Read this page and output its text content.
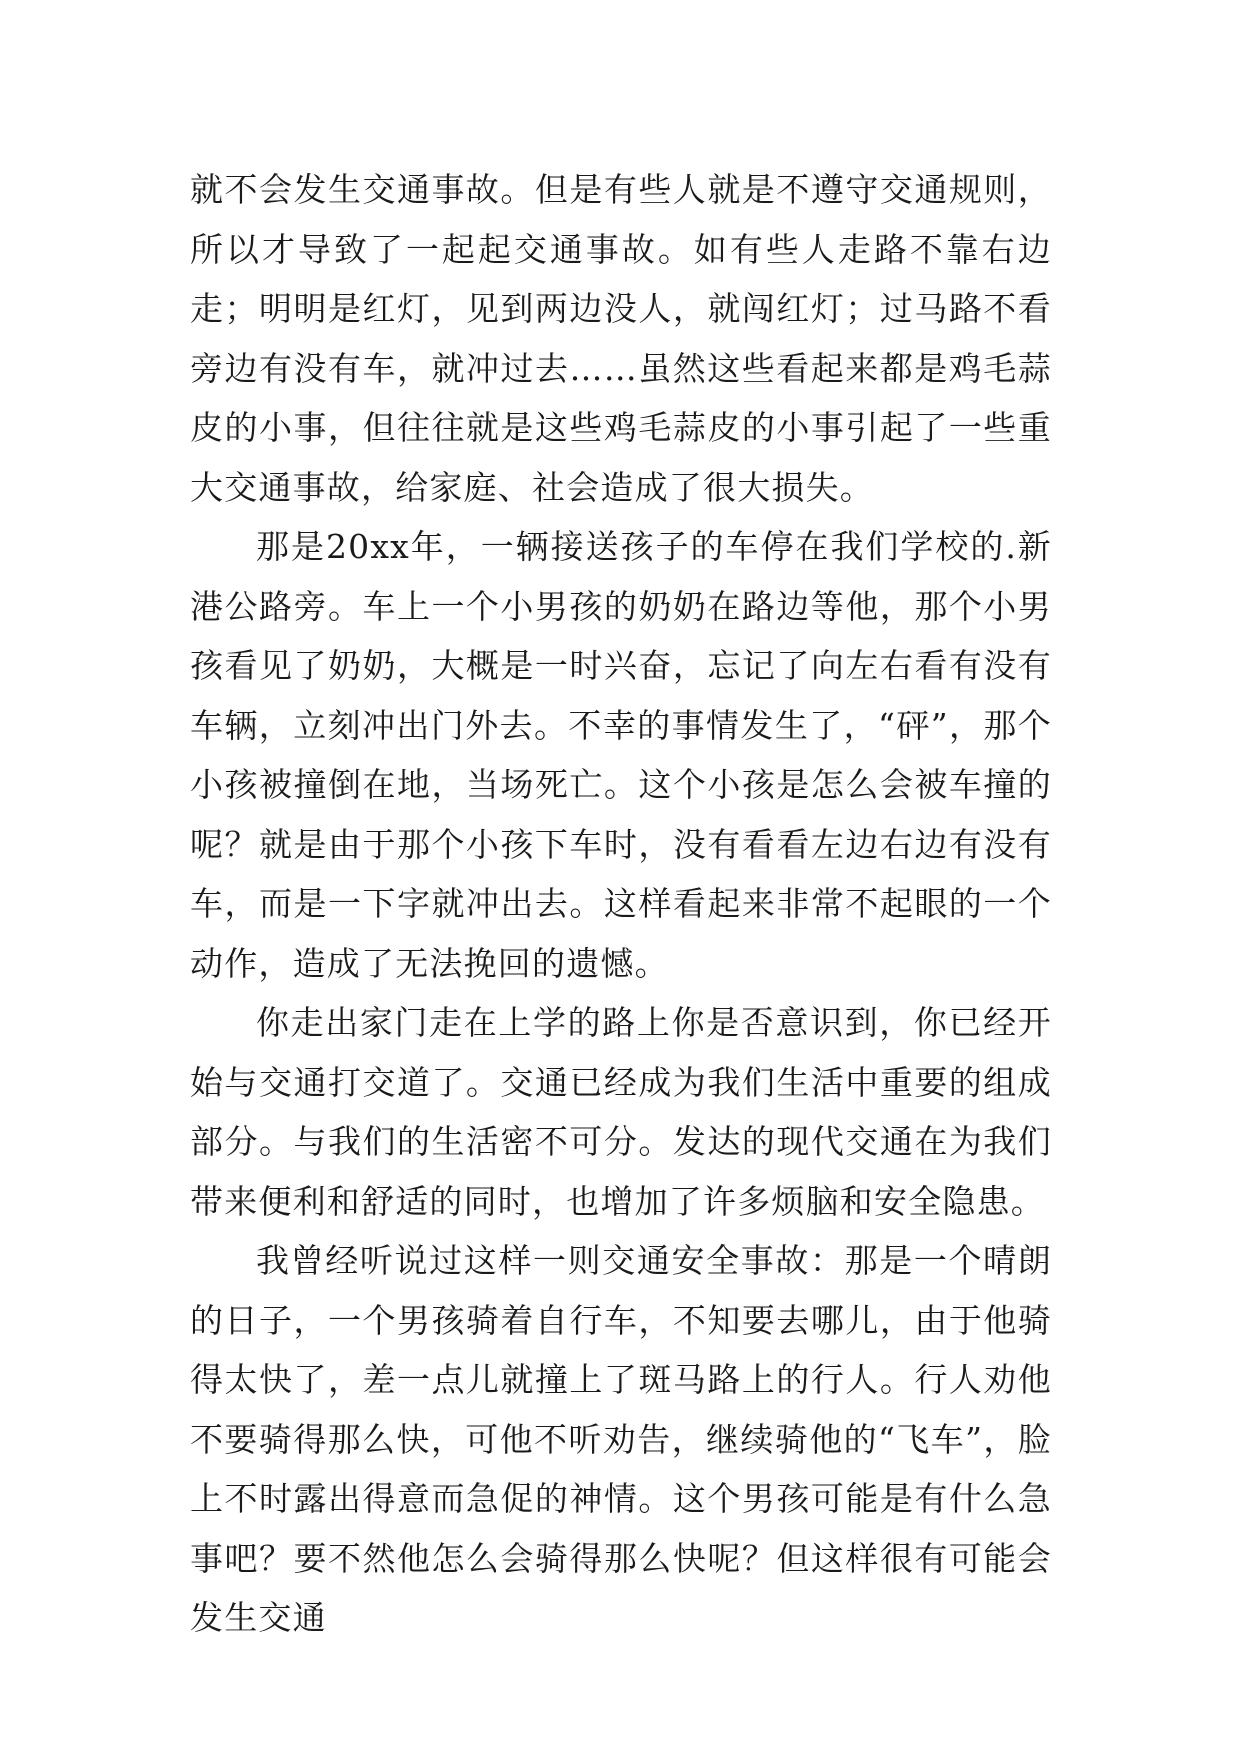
就不会发生交通事故。但是有些人就是不遵守交通规则，所以才导致了一起起交通事故。如有些人走路不靠右边走；明明是红灯，见到两边没人，就闯红灯；过马路不看旁边有没有车，就冲过去……虽然这些看起来都是鸡毛蒜皮的小事，但往往就是这些鸡毛蒜皮的小事引起了一些重大交通事故，给家庭、社会造成了很大损失。

那是20xx年，一辆接送孩子的车停在我们学校的.新港公路旁。车上一个小男孩的奶奶在路边等他，那个小男孩看见了奶奶，大概是一时兴奋，忘记了向左右看有没有车辆，立刻冲出门外去。不幸的事情发生了，“砰”，那个小孩被撞倒在地，当场死亡。这个小孩是怎么会被车撞的呢？就是由于那个小孩下车时，没有看看左边右边有没有车，而是一下字就冲出去。这样看起来非常不起眼的一个动作，造成了无法挽回的遗憾。

你走出家门走在上学的路上你是否意识到，你已经开始与交通打交道了。交通已经成为我们生活中重要的组成部分。与我们的生活密不可分。发达的现代交通在为我们带来便利和舒适的同时，也增加了许多烦脑和安全隐患。

我曾经听说过这样一则交通安全事故：那是一个晴朗的日子，一个男孩骑着自行车，不知要去哪儿，由于他骑得太快了，差一点儿就撞上了斑马路上的行人。行人劝他不要骑得那么快，可他不听劝告，继续骑他的“飞车”，脸上不时露出得意而急促的神情。这个男孩可能是有什么急事吧？要不然他怎么会骑得那么快呢？但这样很有可能会发生交通
